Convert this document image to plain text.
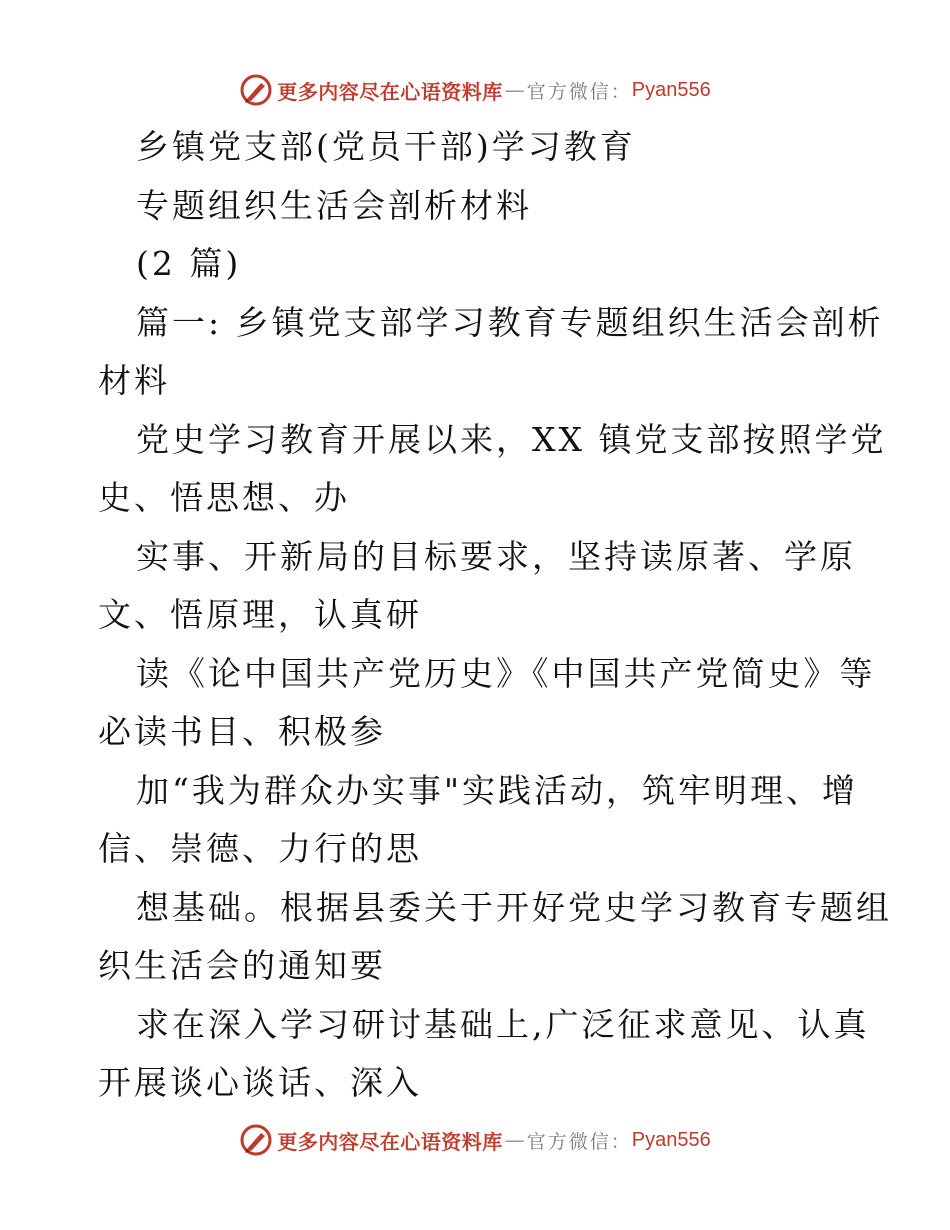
更多内容尽在心语资料库 — 官方微信： Pyan556
乡镇党支部(党员干部)学习教育
专题组织生活会剖析材料
(2 篇)
篇一: 乡镇党支部学习教育专题组织生活会剖析
材料
党史学习教育开展以来，XX 镇党支部按照学党
史、悟思想、办
实事、开新局的目标要求，坚持读原著、学原
文、悟原理，认真研
读《论中国共产党历史》《中国共产党简史》等
必读书目、积极参
加“我为群众办实事"实践活动，筑牢明理、增
信、崇德、力行的思
想基础。根据县委关于开好党史学习教育专题组
织生活会的通知要
求在深入学习研讨基础上,广泛征求意见、认真
开展谈心谈话、深入
更多内容尽在心语资料库 — 官方微信： Pyan556
